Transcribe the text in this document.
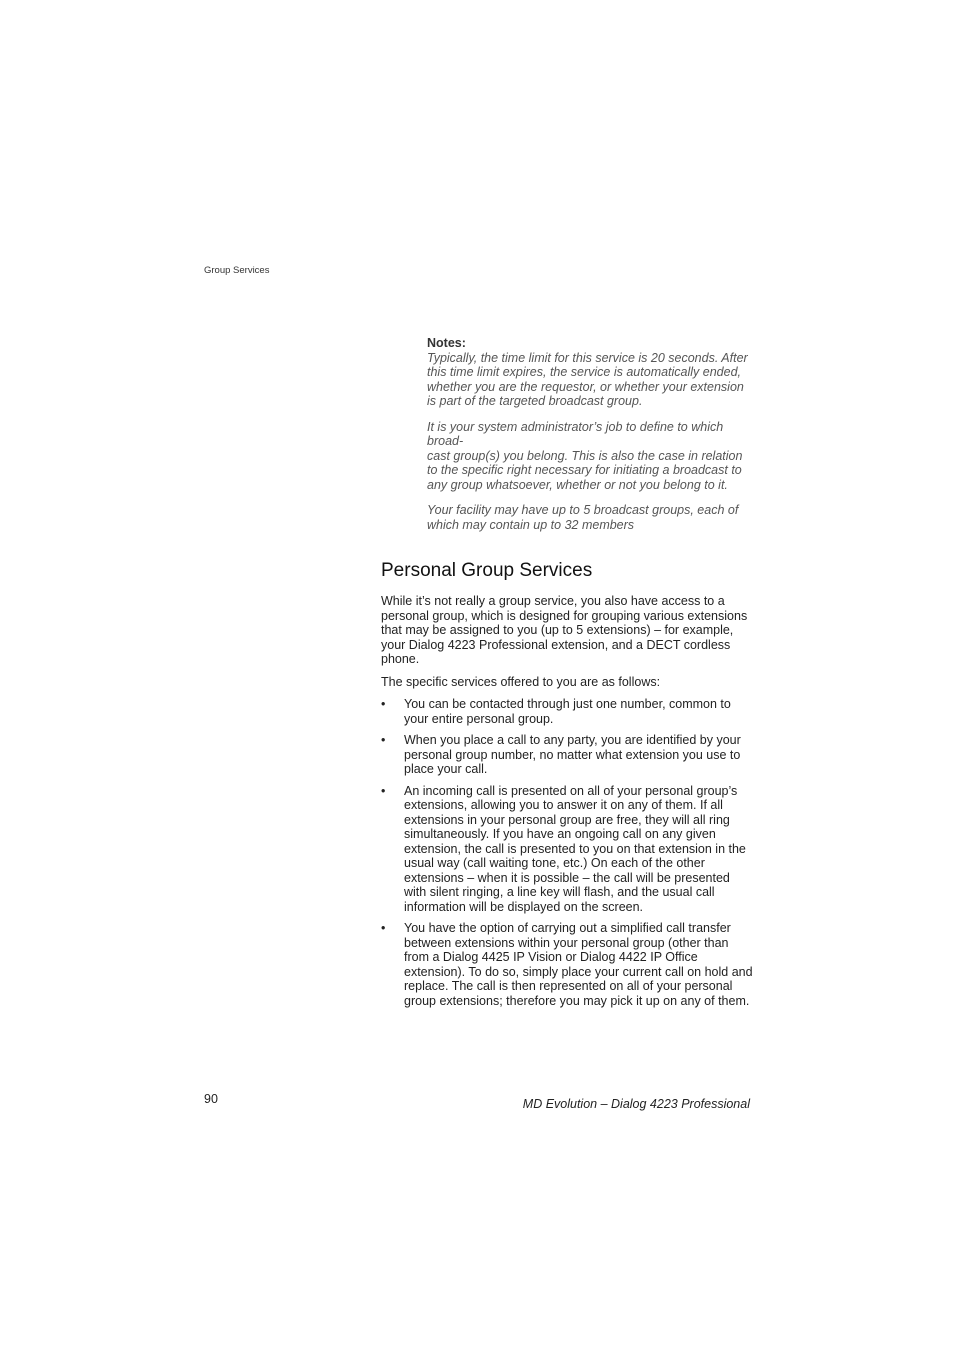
Group Services
Notes:

Typically, the time limit for this service is 20 seconds. After this time limit expires, the service is automatically ended, whether you are the requestor, or whether your extension is part of the targeted broadcast group.

It is your system administrator’s job to define to which broad-
cast group(s) you belong. This is also the case in relation to the specific right necessary for initiating a broadcast to any group whatsoever, whether or not you belong to it.

Your facility may have up to 5 broadcast groups, each of which may contain up to 32 members

Personal Group Services

While it’s not really a group service, you also have access to a personal group, which is designed for grouping various extensions that may be assigned to you (up to 5 extensions) – for example, your Dialog 4223 Professional extension, and a DECT cordless phone.

The specific services offered to you are as follows:

• You can be contacted through just one number, common to your entire personal group.
• When you place a call to any party, you are identified by your personal group number, no matter what extension you use to place your call.
• An incoming call is presented on all of your personal group’s extensions, allowing you to answer it on any of them. If all extensions in your personal group are free, they will all ring simultaneously. If you have an ongoing call on any given extension, the call is presented to you on that extension in the usual way (call waiting tone, etc.) On each of the other extensions – when it is possible – the call will be presented with silent ringing, a line key will flash, and the usual call information will be displayed on the screen.
• You have the option of carrying out a simplified call transfer between extensions within your personal group (other than from a Dialog 4425 IP Vision or Dialog 4422 IP Office extension). To do so, simply place your current call on hold and replace. The call is then represented on all of your personal group extensions; therefore you may pick it up on any of them.
90	MD Evolution – Dialog 4223 Professional
